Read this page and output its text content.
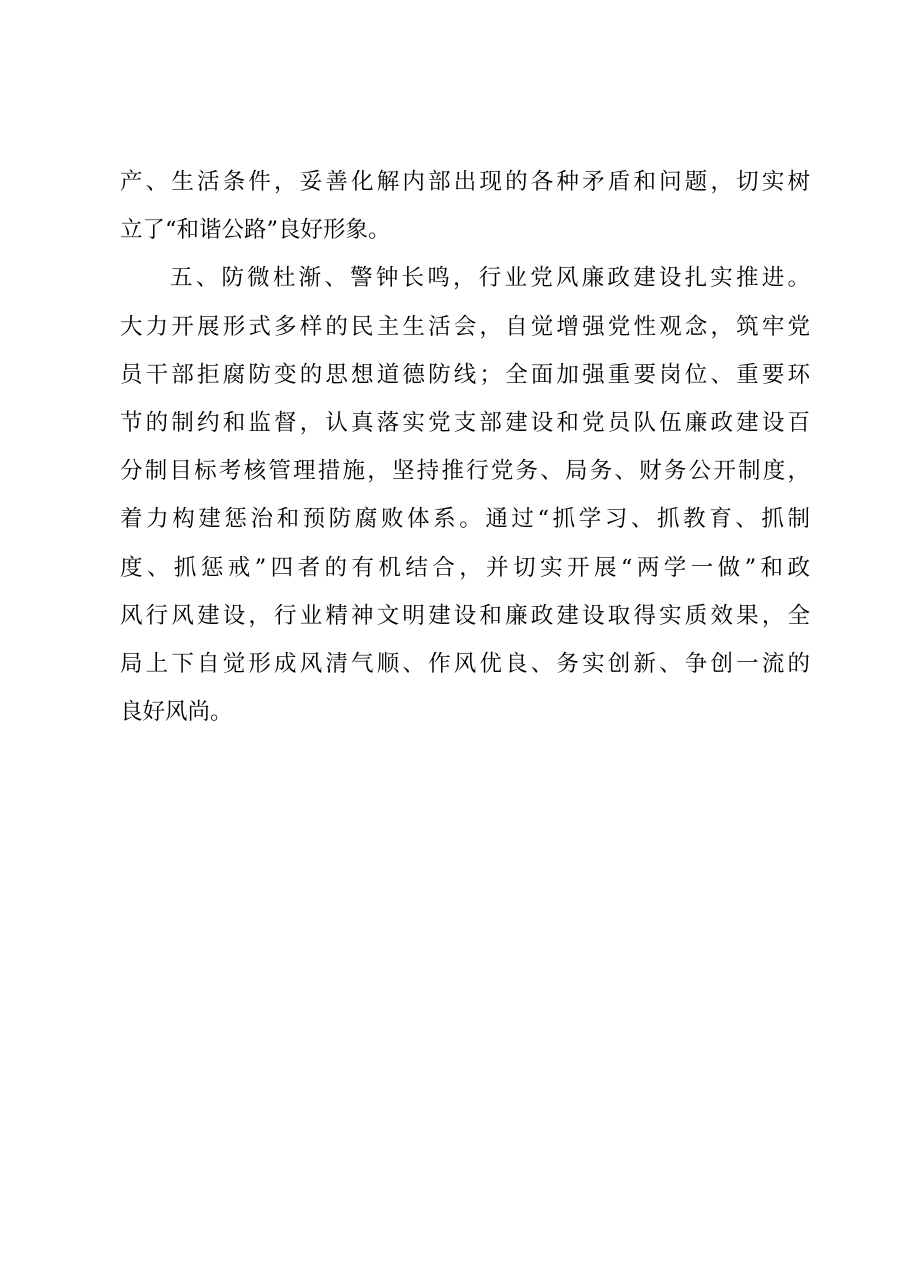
产、生活条件，妥善化解内部出现的各种矛盾和问题，切实树
立了“和谐公路”良好形象。
五、防微杜渐、警钟长鸣，行业党风廉政建设扎实推进。
大力开展形式多样的民主生活会，自觉增强党性观念，筑牢党
员干部拒腐防变的思想道德防线；全面加强重要岗位、重要环
节的制约和监督，认真落实党支部建设和党员队伍廉政建设百
分制目标考核管理措施，坚持推行党务、局务、财务公开制度，
着力构建惩治和预防腐败体系。通过“抓学习、抓教育、抓制
度、抓惩戒”四者的有机结合，并切实开展“两学一做”和政
风行风建设，行业精神文明建设和廉政建设取得实质效果，全
局上下自觉形成风清气顺、作风优良、务实创新、争创一流的
良好风尚。
